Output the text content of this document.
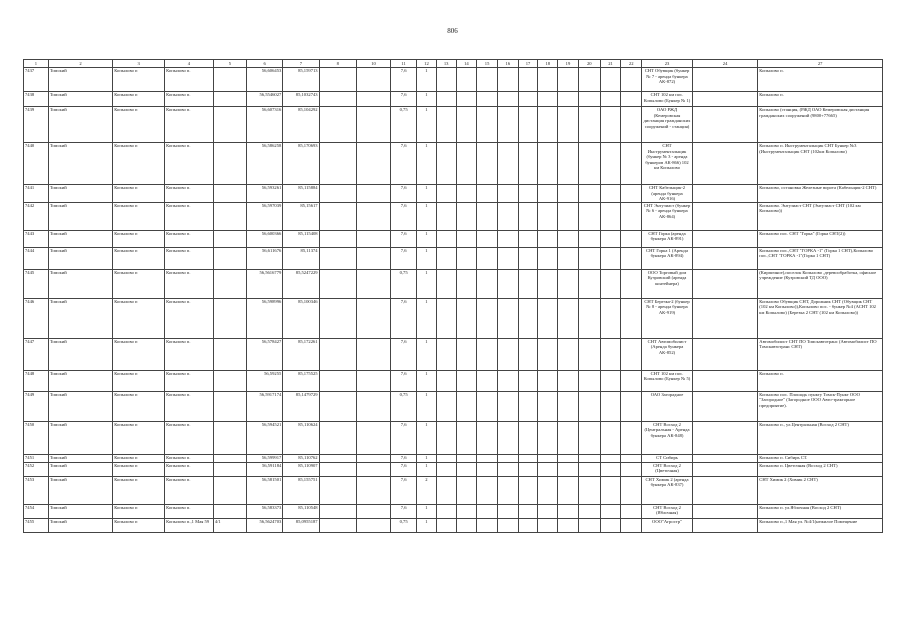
806
1	2	3	4	5	6	7	8	10	11	12	13	14	15	16	17	18	19	20	21	22	23	24	27
7437	Томский	Копылово п	Копылово п.		56,606453	85,159713			7,6	1											СНТ Обувщик (бункер № 7 - аренда бункера АК-872)		Копылово п.
7438	Томский	Копылово п	Копылово п.		56,5546027	85,1032743			7,6	1											СНТ 102 км пос. Копылово (Бункер № 1)		Копылово п.
7439	Томский	Копылово п	Копылово п.		56,607316	85,104292			0,75	1											ОАО РЖД (Кемеровская дистанция гражданских сооружений - станция)		Копылово (станция, (РЖД ОАО Кемеровская дистанция гражданских сооружений (9800+77665)
7440	Томский	Копылово п	Копылово п.		56,586258	85,170693			7,6	1											СНТ Инструментальщик (бункер № 3 - аренда бункеров АК-866) 102 км Копылово		Копылово п. Инструментальщик СНТ Бункер №3 (Инструментальщик СНТ (102км Копылово)
7441	Томский	Копылово п	Копылово п.		56,593261	85,115884			7,6	1											СНТ Кабельщик-2 (аренда бункера АК-916)		Копылово, остановка Железные ворота (Кабельщик-2 СНТ)
7442	Томский	Копылово п	Копылово п.		56,597039	85,15617			7,6	1											СНТ Энтузиаст (бункер № 6 - аренда бункера АК-864)		Копылово. Энтузиаст СНТ (Энтузиаст СНТ (102 км Копылово))
7443	Томский	Копылово п	Копылово п.		56,600366	85,115408			7,6	1											СНТ Горка (аренда бункера АК-891)		Копылово пос. СНТ "Горка" (Горка СНТ(2))
7444	Томский	Копылово п	Копылово п.		56,611676	85,11374			7,6	1											СНТ Горка 1 (Аренда бункера АК-894)		Копылово пос.,СНТ "ГОРКА -1" (Горка 1 СНТ),Копылово пос.,СНТ "ГОРКА -1"(Горка 1 СНТ)
7445	Томский	Копылово п	Копылово п.		56,5616779	85,5247229			0,75	1											ООО Торговый дом Кузровский (аренда контейнера)		(Кирпичное),поселок Копылово ,деревообработка, офисное учреждение (Кузровский ТД ООО)
7446	Томский	Копылово п	Копылово п.		56,598996	85,100346			7,6	1											СНТ Березка-2 (бункер № 8 - аренда бункера АК-919)		Копылово Обувщик СНТ, Дорожник СНТ (Обувщик СНТ (102 км Копылово)),Копылово пос. - бункер №4 (АСНТ 102 км Копылово) (Березка 2 СНТ (102 км Копылово))
7447	Томский	Копылово п	Копылово п.		56,578427	85,172261			7,6	1											СНТ Автомобилист (Аренда бункера АК-852)		Автомобилист СНТ ПО Томскавтотранс (Автомобилист ПО Томскавтотранс СНТ)
7448	Томский	Копылово п	Копылово п.		56,59255	85,175525			7,6	1											СНТ 102 км пос. Копылово (Бункер № 5)		Копылово п.
7449	Томский	Копылово п	Копылово п.		56,5917174	85,1479729			0,75	1											ОАО Загорадное		Копылово пос. Плошадь пункту Томск-Пункт ООО "Загородное" (Загородное ООО Авто-тракторное предприятие).
7450	Томский	Копылово п	Копылово п.		56,594521	85,110624			7,6	1											СНТ Восход 2 (Центральная - Аренда бункера АК-848)		Копылово п., ул.Центральная (Восход 2 СНТ)
7451	Томский	Копылово п	Копылово п.		56,599917	85,110762			7,6	1											СТ Сибирь		Копылово п. Сибирь СТ.
7452	Томский	Копылово п	Копылово п.		56,591184	85,110907			7,6	1											СНТ Восход 2 (Цветочная)		Копылово п. Цветочная (Восход 2 СНТ)
7453	Томский	Копылово п	Копылово п.		56,581501	85,155751			7,6	2											СНТ Химик 2 (аренда бункера АК-837)		СНТ Химик 2 (Химик 2 СНТ)
7454	Томский	Копылово п	Копылово п.		56,583373	85,110548			7,6	1											СНТ Восход 2 (Яблочная)		Копылово п. ул.Яблочная (Восход 2 СНТ)
7455	Томский	Копылово п	Копылово п.,1 Мая 59	4/1	56,5624703	85,0955187			0,75	1											ООО"Агростр"		Копылово п.,1 Мая ул. №4/1(нежилое Помещение
